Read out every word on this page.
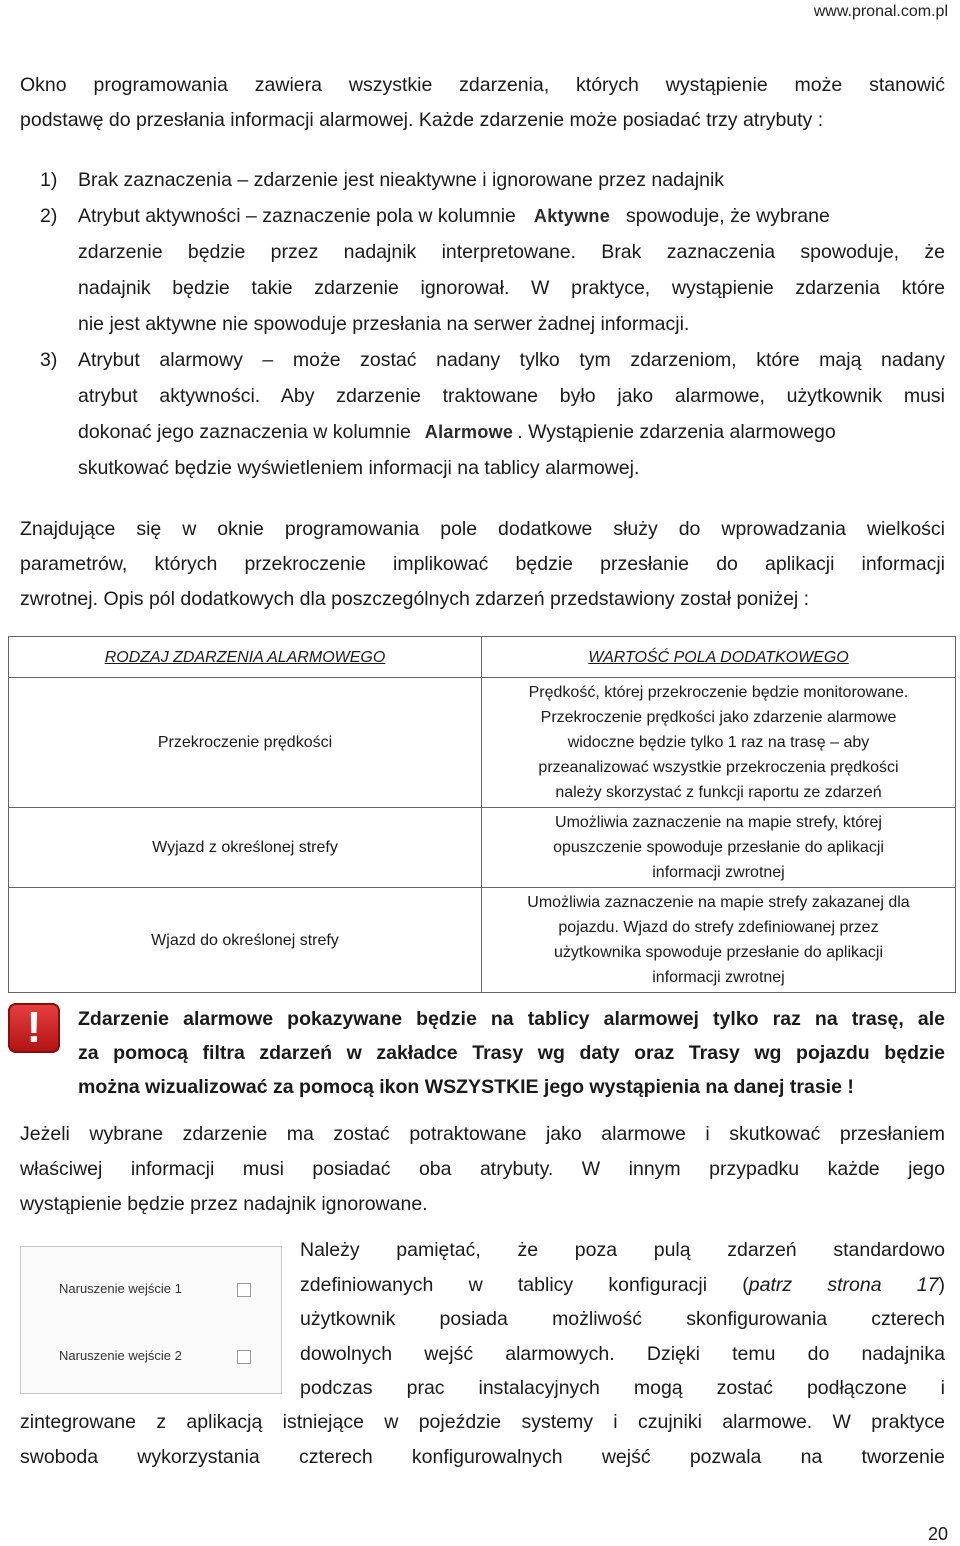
www.pronal.com.pl
Okno programowania zawiera wszystkie zdarzenia, których wystąpienie może stanowić
podstawę do przesłania informacji alarmowej. Każde zdarzenie może posiadać trzy atrybuty :
1) Brak zaznaczenia – zdarzenie jest nieaktywne i ignorowane przez nadajnik
2) Atrybut aktywności – zaznaczenie pola w kolumnie Aktywne spowoduje, że wybrane
zdarzenie będzie przez nadajnik interpretowane. Brak zaznaczenia spowoduje, że
nadajnik będzie takie zdarzenie ignorował. W praktyce, wystąpienie zdarzenia które
nie jest aktywne nie spowoduje przesłania na serwer żadnej informacji.
3) Atrybut alarmowy – może zostać nadany tylko tym zdarzeniom, które mają nadany
atrybut aktywności. Aby zdarzenie traktowane było jako alarmowe, użytkownik musi
dokonać jego zaznaczenia w kolumnie Alarmowe . Wystąpienie zdarzenia alarmowego
skutkować będzie wyświetleniem informacji na tablicy alarmowej.
Znajdujące się w oknie programowania pole dodatkowe służy do wprowadzania wielkości
parametrów, których przekroczenie implikować będzie przesłanie do aplikacji informacji
zwrotnej. Opis pól dodatkowych dla poszczególnych zdarzeń przedstawiony został poniżej :
RODZAJ ZDARZENIA ALARMOWEGO	WARTOŚĆ POLA DODATKOWEGO
Przekroczenie prędkości	Prędkość, której przekroczenie będzie monitorowane.
Przekroczenie prędkości jako zdarzenie alarmowe
widoczne będzie tylko 1 raz na trasę – aby
przeanalizować wszystkie przekroczenia prędkości
należy skorzystać z funkcji raportu ze zdarzeń

Wyjazd z określonej strefy	Umożliwia zaznaczenie na mapie strefy, której
opuszczenie spowoduje przesłanie do aplikacji
informacji zwrotnej

Wjazd do określonej strefy	Umożliwia zaznaczenie na mapie strefy zakazanej dla
pojazdu. Wjazd do strefy zdefiniowanej przez
użytkownika spowoduje przesłanie do aplikacji
informacji zwrotnej
!	Zdarzenie alarmowe pokazywane będzie na tablicy alarmowej tylko raz na trasę, ale
za pomocą filtra zdarzeń w zakładce Trasy wg daty oraz Trasy wg pojazdu będzie
można wizualizować za pomocą ikon WSZYSTKIE jego wystąpienia na danej trasie !
Jeżeli wybrane zdarzenie ma zostać potraktowane jako alarmowe i skutkować przesłaniem
właściwej informacji musi posiadać oba atrybuty. W innym przypadku każde jego
wystąpienie będzie przez nadajnik ignorowane.
Naruszenie wejście 1
Naruszenie wejście 2
Należy pamiętać, że poza pulą zdarzeń standardowo
zdefiniowanych w tablicy konfiguracji (patrz strona 17)
użytkownik posiada możliwość skonfigurowania czterech
dowolnych wejść alarmowych. Dzięki temu do nadajnika
podczas prac instalacyjnych mogą zostać podłączone i
zintegrowane z aplikacją istniejące w pojeździe systemy i czujniki alarmowe. W praktyce
swoboda wykorzystania czterech konfigurowalnych wejść pozwala na tworzenie
20
